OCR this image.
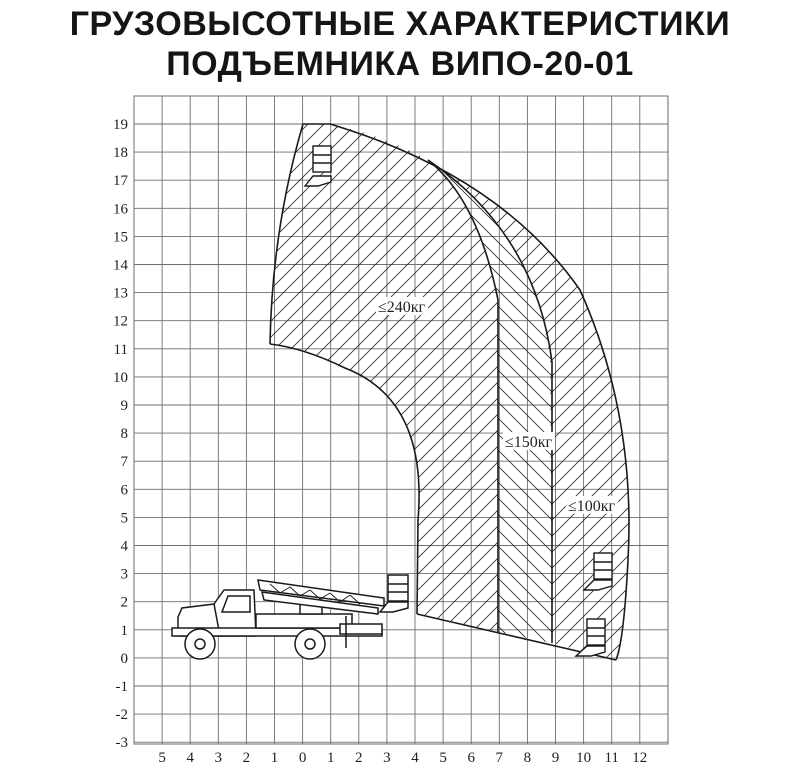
ГРУЗОВЫСОТНЫЕ ХАРАКТЕРИСТИКИ
ПОДЪЕМНИКА ВИПО-20-01
19
18
17
16
15
14
13
12
11
10
9
8
7
6
5
4
3
2
1
0
-1
-2
-3
5 4 3 2 1 0 1 2 3 4 5 6 7 8 9 10 11 12
≤240кг
≤150кг
≤100кг
